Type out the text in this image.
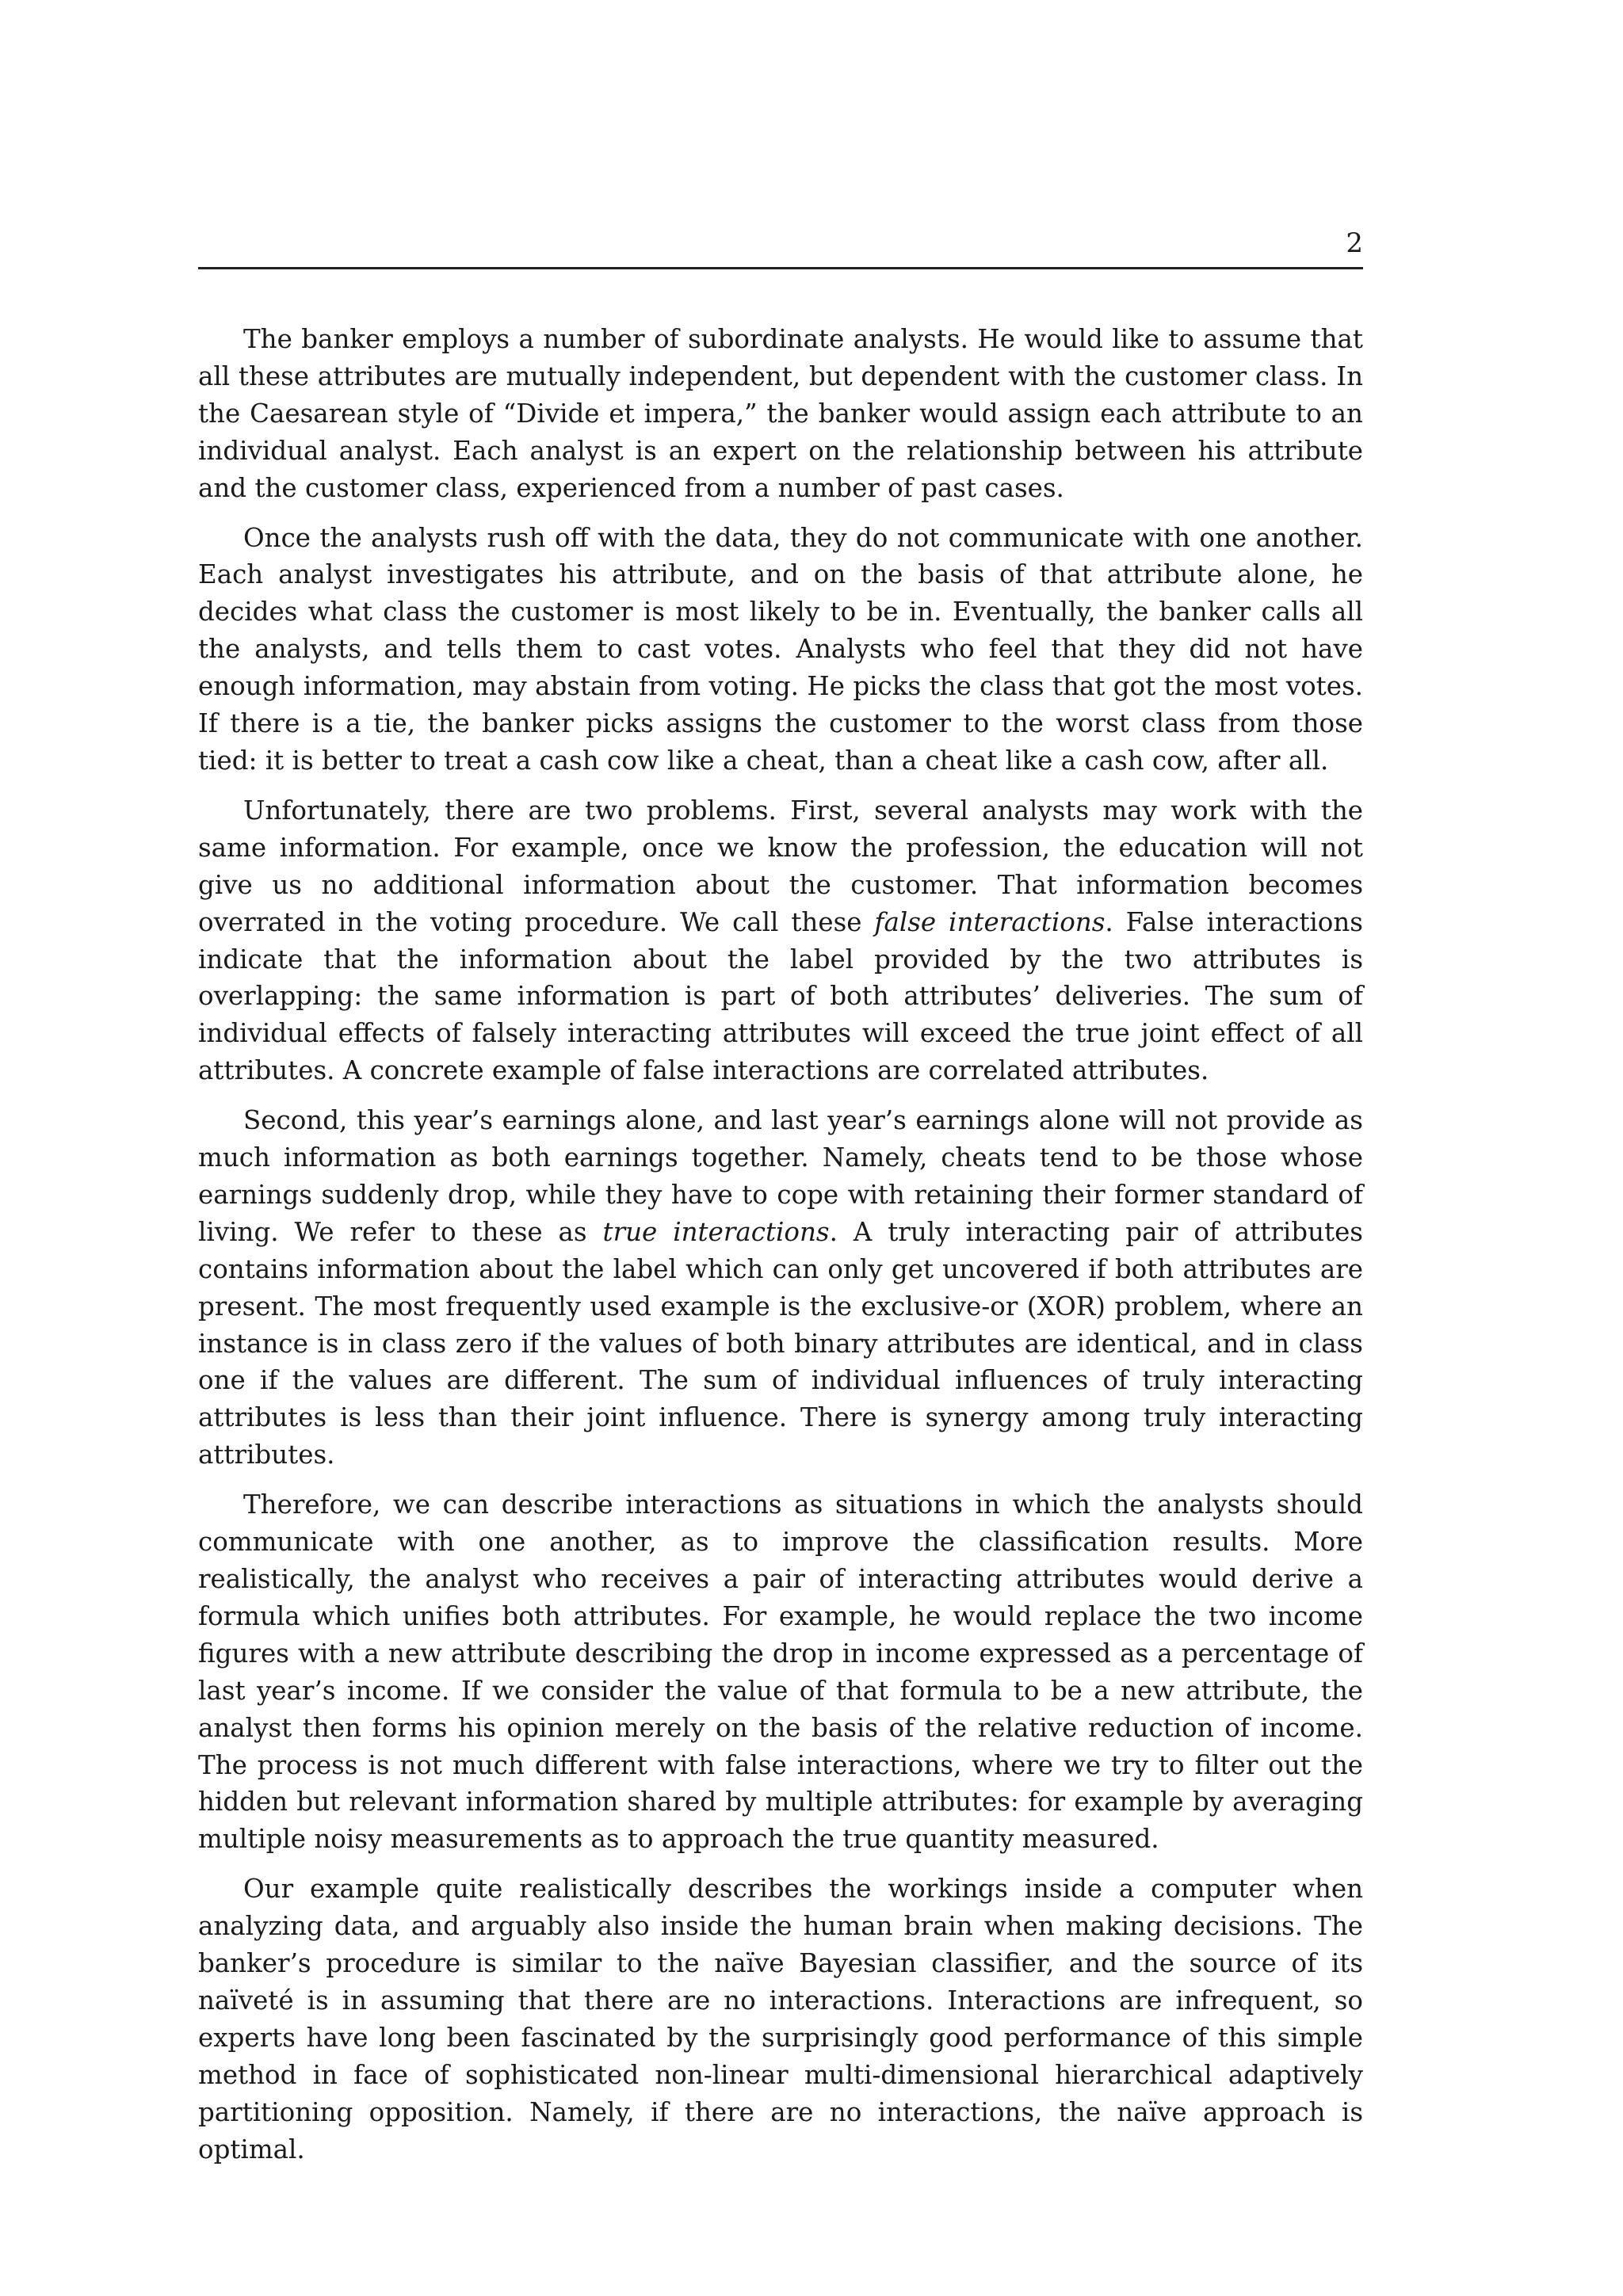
2

The banker employs a number of subordinate analysts. He would like to assume that all these attributes are mutually independent, but dependent with the customer class. In the Caesarean style of “Divide et impera,” the banker would assign each attribute to an individual analyst. Each analyst is an expert on the relationship between his attribute and the customer class, experienced from a number of past cases.

Once the analysts rush off with the data, they do not communicate with one another. Each analyst investigates his attribute, and on the basis of that attribute alone, he decides what class the customer is most likely to be in. Eventually, the banker calls all the analysts, and tells them to cast votes. Analysts who feel that they did not have enough information, may abstain from voting. He picks the class that got the most votes. If there is a tie, the banker picks assigns the customer to the worst class from those tied: it is better to treat a cash cow like a cheat, than a cheat like a cash cow, after all.

Unfortunately, there are two problems. First, several analysts may work with the same information. For example, once we know the profession, the education will not give us no additional information about the customer. That information becomes overrated in the voting procedure. We call these false interactions. False interactions indicate that the information about the label provided by the two attributes is overlapping: the same information is part of both attributes’ deliveries. The sum of individual effects of falsely interacting attributes will exceed the true joint effect of all attributes. A concrete example of false interactions are correlated attributes.

Second, this year’s earnings alone, and last year’s earnings alone will not provide as much information as both earnings together. Namely, cheats tend to be those whose earnings suddenly drop, while they have to cope with retaining their former standard of living. We refer to these as true interactions. A truly interacting pair of attributes contains information about the label which can only get uncovered if both attributes are present. The most frequently used example is the exclusive-or (XOR) problem, where an instance is in class zero if the values of both binary attributes are identical, and in class one if the values are different. The sum of individual influences of truly interacting attributes is less than their joint influence. There is synergy among truly interacting attributes.

Therefore, we can describe interactions as situations in which the analysts should communicate with one another, as to improve the classification results. More realistically, the analyst who receives a pair of interacting attributes would derive a formula which unifies both attributes. For example, he would replace the two income figures with a new attribute describing the drop in income expressed as a percentage of last year’s income. If we consider the value of that formula to be a new attribute, the analyst then forms his opinion merely on the basis of the relative reduction of income. The process is not much different with false interactions, where we try to filter out the hidden but relevant information shared by multiple attributes: for example by averaging multiple noisy measurements as to approach the true quantity measured.

Our example quite realistically describes the workings inside a computer when analyzing data, and arguably also inside the human brain when making decisions. The banker’s procedure is similar to the naïve Bayesian classifier, and the source of its naïveté is in assuming that there are no interactions. Interactions are infrequent, so experts have long been fascinated by the surprisingly good performance of this simple method in face of sophisticated non-linear multi-dimensional hierarchical adaptively partitioning opposition. Namely, if there are no interactions, the naïve approach is optimal.
